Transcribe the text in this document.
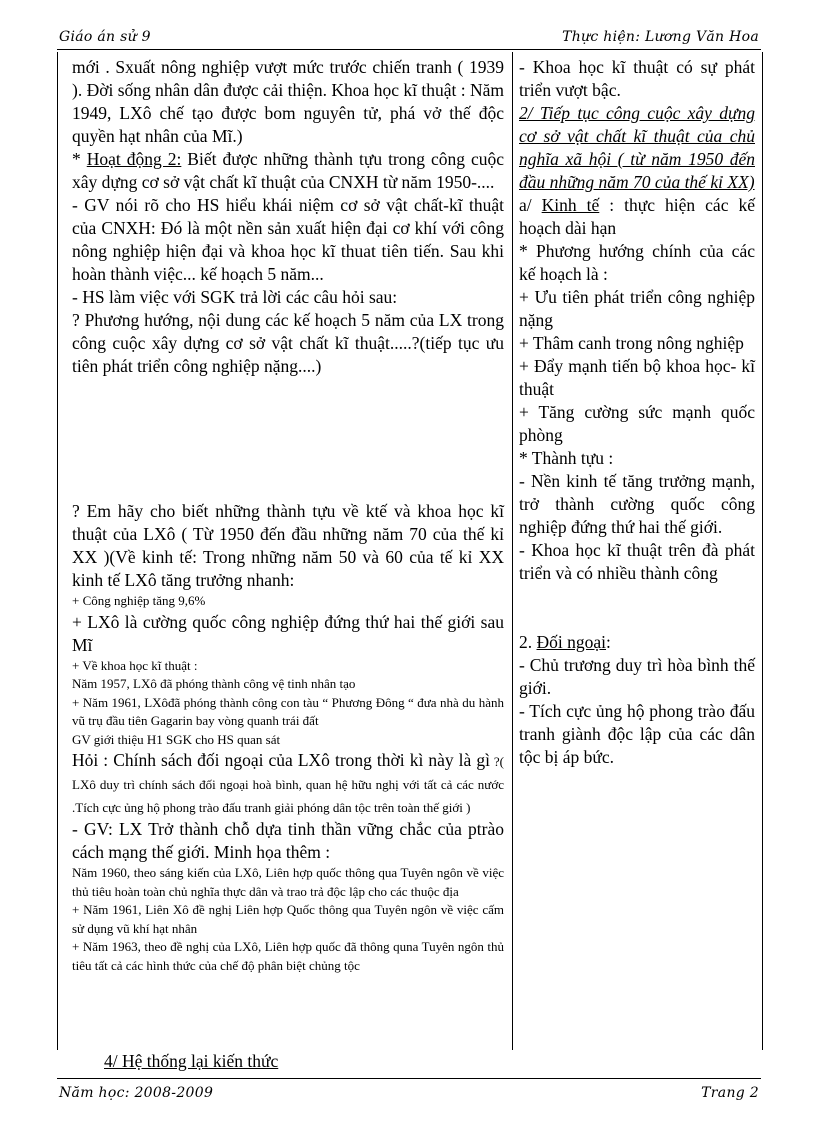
Giáo án sử 9	Thực hiện: Lương Văn Hoa

mới . Sxuất nông nghiệp vượt mức trước chiến tranh ( 1939 ). Đời sống nhân dân được cải thiện. Khoa học kĩ thuật : Năm 1949, LXô chế tạo được bom nguyên tử, phá vở thế độc quyền hạt nhân của Mĩ.)

* Hoạt động 2: Biết được những thành tựu trong công cuộc xây dựng cơ sở vật chất kĩ thuật của CNXH từ năm 1950-....

- GV nói rõ cho HS hiểu khái niệm cơ sở vật chất-kĩ thuật của CNXH: Đó là một nền sản xuất hiện đại cơ khí với công nông nghiệp hiện đại và khoa học kĩ thuat tiên tiến. Sau khi hoàn thành việc... kế hoạch 5 năm...

- HS làm việc với SGK trả lời các câu hỏi sau:

? Phương hướng, nội dung các kế hoạch 5 năm của LX trong công cuộc xây dựng cơ sở vật chất kĩ thuật.....?(tiếp tục ưu tiên phát triển công nghiệp nặng....)

? Em hãy cho biết những thành tựu về ktế và khoa học kĩ thuật của LXô ( Từ 1950 đến đầu những năm 70 của thế kỉ XX )(Về kinh tế: Trong những năm 50 và 60 của tế kỉ XX kinh tế LXô tăng trưởng nhanh:

+ Công nghiệp tăng 9,6%

+ LXô là cường quốc công nghiệp đứng thứ hai thế giới sau Mĩ

+ Về khoa học kĩ thuật :

Năm 1957, LXô đã phóng thành công vệ tinh nhân tạo

+ Năm 1961, LXôđã phóng thành công con tàu “ Phương Đông “ đưa nhà du hành vũ trụ đầu tiên Gagarin bay vòng quanh trái đất

GV giới thiệu H1 SGK cho HS quan sát

Hỏi : Chính sách đối ngoại của LXô trong thời kì này là gì ?( LXô duy trì chính sách đối ngoại hoà bình, quan hệ hữu nghị với tất cả các nước .Tích cực ủng hộ phong trào đấu tranh giải phóng dân tộc trên toàn thế giới )

- GV: LX Trở thành chỗ dựa tinh thần vững chắc của ptrào cách mạng thế giới. Minh họa thêm :

Năm 1960, theo sáng kiến của LXô, Liên hợp quốc thông qua Tuyên ngôn về việc thủ tiêu hoàn toàn chủ nghĩa thực dân và trao trả độc lập cho các thuộc địa

+ Năm 1961, Liên Xô đề nghị Liên hợp Quốc thông qua Tuyên ngôn về việc cấm sử dụng vũ khí hạt nhân

+ Năm 1963, theo đề nghị của LXô, Liên hợp quốc đã thông quna Tuyên ngôn thủ tiêu tất cả các hình thức của chế độ phân biệt chủng tộc

- Khoa học kĩ thuật có sự phát triển vượt bậc.

2/ Tiếp tục công cuộc xây dựng cơ sở vật chất kĩ thuật của chủ nghĩa xã hội ( từ năm 1950 đến đầu những năm 70 của thế kỉ XX)

a/ Kinh tế : thực hiện các kế hoạch dài hạn

* Phương hướng chính của các kế hoạch là :

+ Ưu tiên phát triển công nghiệp nặng

+ Thâm canh trong nông nghiệp

+ Đẩy mạnh tiến bộ khoa học- kĩ thuật

+ Tăng cường sức mạnh quốc phòng

* Thành tựu :

- Nền kinh tế tăng trưởng mạnh, trở thành cường quốc công nghiệp đứng thứ hai thế giới.

- Khoa học kĩ thuật trên đà phát triển và có nhiều thành công

2. Đối ngoại:

- Chủ trương duy trì hòa bình thế giới.

- Tích cực ủng hộ phong trào đấu tranh giành độc lập của các dân tộc bị áp bức.

4/ Hệ thống lại kiến thức
Năm học: 2008-2009	Trang 2
